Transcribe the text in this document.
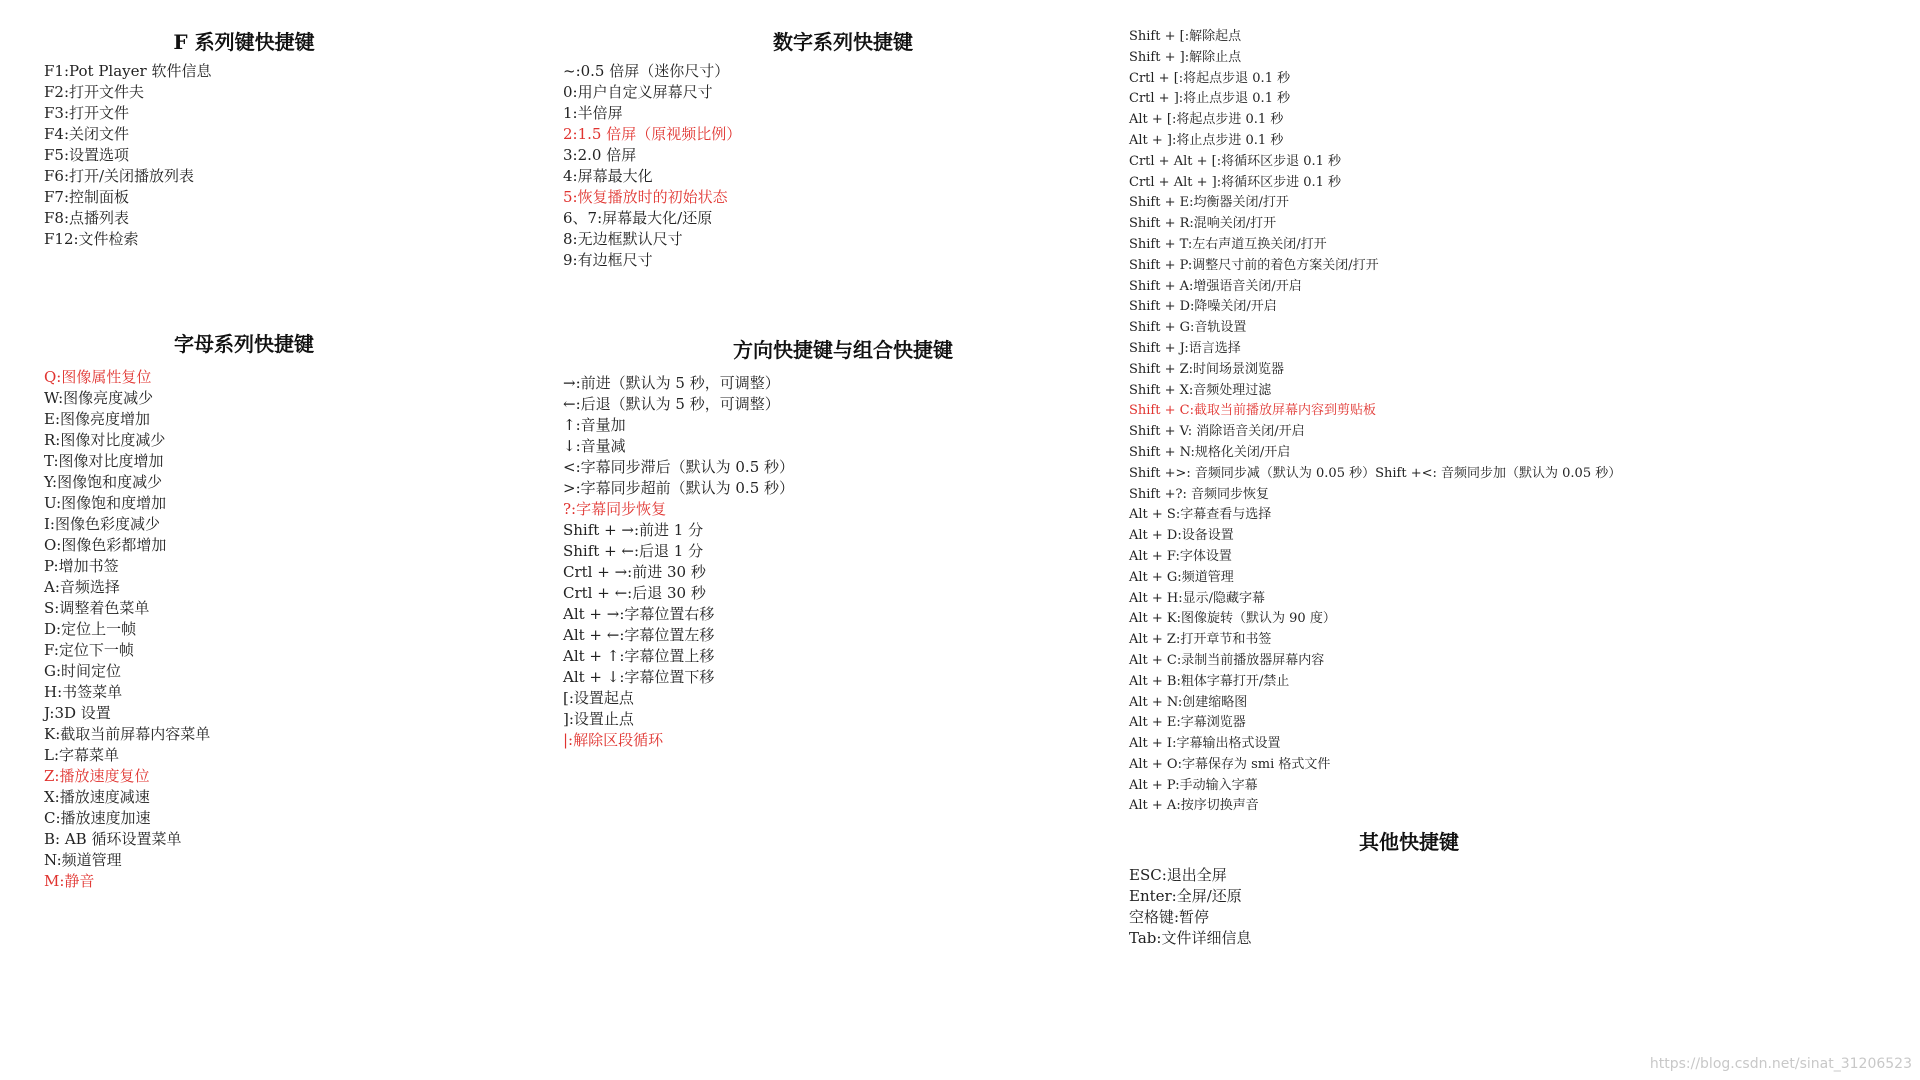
F 系列键快捷键
F1:Pot Player 软件信息
F2:打开文件夫
F3:打开文件
F4:关闭文件
F5:设置选项
F6:打开/关闭播放列表
F7:控制面板
F8:点播列表
F12:文件检索
字母系列快捷键
Q:图像属性复位
W:图像亮度减少
E:图像亮度增加
R:图像对比度减少
T:图像对比度增加
Y:图像饱和度减少
U:图像饱和度增加
I:图像色彩度减少
O:图像色彩都增加
P:增加书签
A:音频选择
S:调整着色菜单
D:定位上一帧
F:定位下一帧
G:时间定位
H:书签菜单
J:3D 设置
K:截取当前屏幕内容菜单
L:字幕菜单
Z:播放速度复位
X:播放速度减速
C:播放速度加速
B: AB 循环设置菜单
N:频道管理
M:静音
数字系列快捷键
~:0.5 倍屏（迷你尺寸）
0:用户自定义屏幕尺寸
1:半倍屏
2:1.5 倍屏（原视频比例）
3:2.0 倍屏
4:屏幕最大化
5:恢复播放时的初始状态
6、7:屏幕最大化/还原
8:无边框默认尺寸
9:有边框尺寸
方向快捷键与组合快捷键
→:前进（默认为 5 秒，可调整）
←:后退（默认为 5 秒，可调整）
↑:音量加
↓:音量减
<:字幕同步滞后（默认为 0.5 秒）
>:字幕同步超前（默认为 0.5 秒）
?:字幕同步恢复
Shift + →:前进 1 分
Shift + ←:后退 1 分
Crtl + →:前进 30 秒
Crtl + ←:后退 30 秒
Alt + →:字幕位置右移
Alt + ←:字幕位置左移
Alt + ↑:字幕位置上移
Alt + ↓:字幕位置下移
[:设置起点
]:设置止点
|:解除区段循环
Shift + [:解除起点
Shift + ]:解除止点
Crtl + [:将起点步退 0.1 秒
Crtl + ]:将止点步退 0.1 秒
Alt + [:将起点步进 0.1 秒
Alt + ]:将止点步进 0.1 秒
Crtl + Alt + [:将循环区步退 0.1 秒
Crtl + Alt + ]:将循环区步进 0.1 秒
Shift + E:均衡器关闭/打开
Shift + R:混响关闭/打开
Shift + T:左右声道互换关闭/打开
Shift + P:调整尺寸前的着色方案关闭/打开
Shift + A:增强语音关闭/开启
Shift + D:降噪关闭/开启
Shift + G:音轨设置
Shift + J:语言选择
Shift + Z:时间场景浏览器
Shift + X:音频处理过滤
Shift + C:截取当前播放屏幕内容到剪贴板
Shift + V: 消除语音关闭/开启
Shift + N:规格化关闭/开启
Shift +>: 音频同步减（默认为 0.05 秒）Shift +<: 音频同步加（默认为 0.05 秒）
Shift +?: 音频同步恢复
Alt + S:字幕查看与选择
Alt + D:设备设置
Alt + F:字体设置
Alt + G:频道管理
Alt + H:显示/隐藏字幕
Alt + K:图像旋转（默认为 90 度）
Alt + Z:打开章节和书签
Alt + C:录制当前播放器屏幕内容
Alt + B:粗体字幕打开/禁止
Alt + N:创建缩略图
Alt + E:字幕浏览器
Alt + I:字幕输出格式设置
Alt + O:字幕保存为 smi 格式文件
Alt + P:手动输入字幕
Alt + A:按序切换声音
其他快捷键
ESC:退出全屏
Enter:全屏/还原
空格键:暂停
Tab:文件详细信息
https://blog.csdn.net/sinat_31206523
